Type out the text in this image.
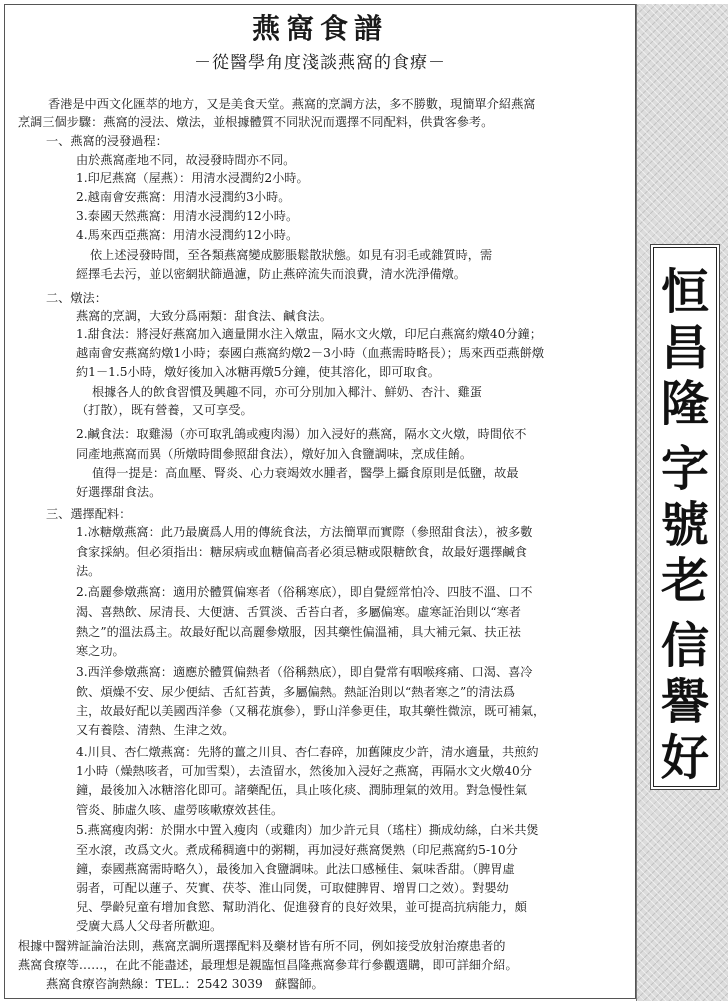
恒
昌
隆
字
號
老
信
譽
好
燕窩食譜
－從醫學角度淺談燕窩的食療－
香港是中西文化匯萃的地方，又是美食天堂。燕窩的烹調方法，多不勝數，現簡單介紹燕窩
烹調三個步驟：燕窩的浸法、燉法，並根據體質不同狀況而選擇不同配料，供貴客參考。
一、燕窩的浸發過程：
由於燕窩產地不同，故浸發時間亦不同。
1.印尼燕窩（屋燕）：用清水浸潤約2小時。
2.越南會安燕窩：用清水浸潤約3小時。
3.泰國天然燕窩：用清水浸潤約12小時。
4.馬來西亞燕窩：用清水浸潤約12小時。
依上述浸發時間，至各類燕窩變成膨脹鬆散狀態。如見有羽毛或雜質時，需
經擇毛去污，並以密網狀篩過濾，防止燕碎流失而浪費，清水洗淨備燉。
二、燉法：
燕窩的烹調，大致分爲兩類：甜食法、鹹食法。
1.甜食法：將浸好燕窩加入適量開水注入燉盅，隔水文火燉，印尼白燕窩約燉40分鐘；
越南會安燕窩約燉1小時；泰國白燕窩約燉2－3小時（血燕需時略長）；馬來西亞燕餅燉
約1－1.5小時，燉好後加入冰糖再燉5分鐘，使其溶化，即可取食。
根據各人的飲食習慣及興趣不同，亦可分別加入椰汁、鮮奶、杏汁、雞蛋
（打散），既有營養，又可享受。
2.鹹食法：取雞湯（亦可取乳鴿或瘦肉湯）加入浸好的燕窩，隔水文火燉，時間依不
同產地燕窩而異（所燉時間參照甜食法），燉好加入食鹽調味，烹成佳餚。
值得一提是：高血壓、腎炎、心力衰竭效水腫者，醫學上攝食原則是低鹽，故最
好選擇甜食法。
三、選擇配料：
1.冰糖燉燕窩：此乃最廣爲人用的傳統食法，方法簡單而實際（參照甜食法），被多數
食家採納。但必須指出：糖尿病或血糖偏高者必須忌糖或限糖飲食，故最好選擇鹹食
法。
2.高麗參燉燕窩：適用於體質偏寒者（俗稱寒底），即自覺經常怕冷、四肢不溫、口不
渴、喜熱飲、尿清長、大便溏、舌質淡、舌苔白者，多屬偏寒。虛寒証治則以“寒者
熱之”的溫法爲主。故最好配以高麗參燉服，因其藥性偏溫補，具大補元氣、扶正祛
寒之功。
3.西洋參燉燕窩：適應於體質偏熱者（俗稱熱底），即自覺常有咽喉疼痛、口渴、喜冷
飲、煩燥不安、尿少便結、舌紅苔黃，多屬偏熱。熱証治則以“熱者寒之”的清法爲
主，故最好配以美國西洋參（又稱花旗參），野山洋參更佳，取其藥性微涼，既可補氣，
又有養陰、清熱、生津之效。
4.川貝、杏仁燉燕窩：先將的薑之川貝、杏仁舂碎，加舊陳皮少許，清水適量，共煎約
1小時（燥熱咳者，可加雪梨），去渣留水，然後加入浸好之燕窩，再隔水文火燉40分
鐘，最後加入冰糖溶化即可。諸藥配伍，具止咳化痰、潤肺理氣的效用。對急慢性氣
管炎、肺虛久咳、虛勞咳嗽療效甚佳。
5.燕窩瘦肉粥：於開水中置入瘦肉（或雞肉）加少許元貝（瑤柱）撕成幼絲，白米共煲
至水滾，改爲文火。煮成稀稠適中的粥糊，再加浸好燕窩煲熟（印尼燕窩約5-10分
鐘，泰國燕窩需時略久），最後加入食鹽調味。此法口感極佳、氣味香甜。（脾胃虛
弱者，可配以蓮子、芡實、茯苓、淮山同煲，可取健脾胃、增胃口之效）。對嬰幼
兒、學齡兒童有增加食慾、幫助消化、促進發育的良好效果，並可提高抗病能力，頗
受廣大爲人父母者所歡迎。
根據中醫辨証論治法則，燕窩烹調所選擇配料及藥材皆有所不同，例如接受放射治療患者的
燕窩食療等……，在此不能盡述，最理想是親臨恒昌隆燕窩參茸行參觀選購，即可詳細介紹。
燕窩食療咨詢熱線：TEL.：2542 3039　蘇醫師。
